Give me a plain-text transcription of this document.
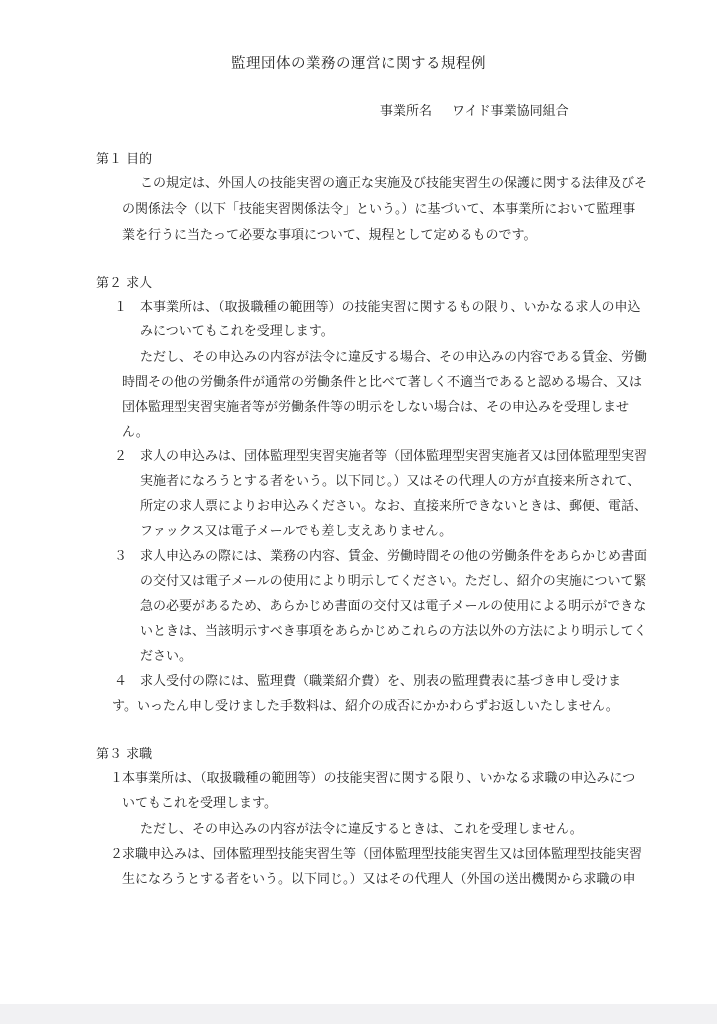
監理団体の業務の運営に関する規程例
事業所名 ワイド事業協同組合
第１ 目的
この規定は、外国人の技能実習の適正な実施及び技能実習生の保護に関する法律及びそ
の関係法令（以下「技能実習関係法令」という。）に基づいて、本事業所において監理事
業を行うに当たって必要な事項について、規程として定めるものです。
第２ 求人
１ 本事業所は、（取扱職種の範囲等）の技能実習に関するもの限り、いかなる求人の申込
みについてもこれを受理します。
ただし、その申込みの内容が法令に違反する場合、その申込みの内容である賃金、労働
時間その他の労働条件が通常の労働条件と比べて著しく不適当であると認める場合、又は
団体監理型実習実施者等が労働条件等の明示をしない場合は、その申込みを受理しませ
ん。
２ 求人の申込みは、団体監理型実習実施者等（団体監理型実習実施者又は団体監理型実習
実施者になろうとする者をいう。以下同じ。）又はその代理人の方が直接来所されて、
所定の求人票によりお申込みください。なお、直接来所できないときは、郵便、電話、
ファックス又は電子メールでも差し支えありません。
３ 求人申込みの際には、業務の内容、賃金、労働時間その他の労働条件をあらかじめ書面
の交付又は電子メールの使用により明示してください。ただし、紹介の実施について緊
急の必要があるため、あらかじめ書面の交付又は電子メールの使用による明示ができな
いときは、当該明示すべき事項をあらかじめこれらの方法以外の方法により明示してく
ださい。
４ 求人受付の際には、監理費（職業紹介費）を、別表の監理費表に基づき申し受けま
す。いったん申し受けました手数料は、紹介の成否にかかわらずお返しいたしません。
第３ 求職
１
本事業所は、（取扱職種の範囲等）の技能実習に関する限り、いかなる求職の申込みにつ
いてもこれを受理します。
ただし、その申込みの内容が法令に違反するときは、これを受理しません。
２
求職申込みは、団体監理型技能実習生等（団体監理型技能実習生又は団体監理型技能実習
生になろうとする者をいう。以下同じ。）又はその代理人（外国の送出機関から求職の申
